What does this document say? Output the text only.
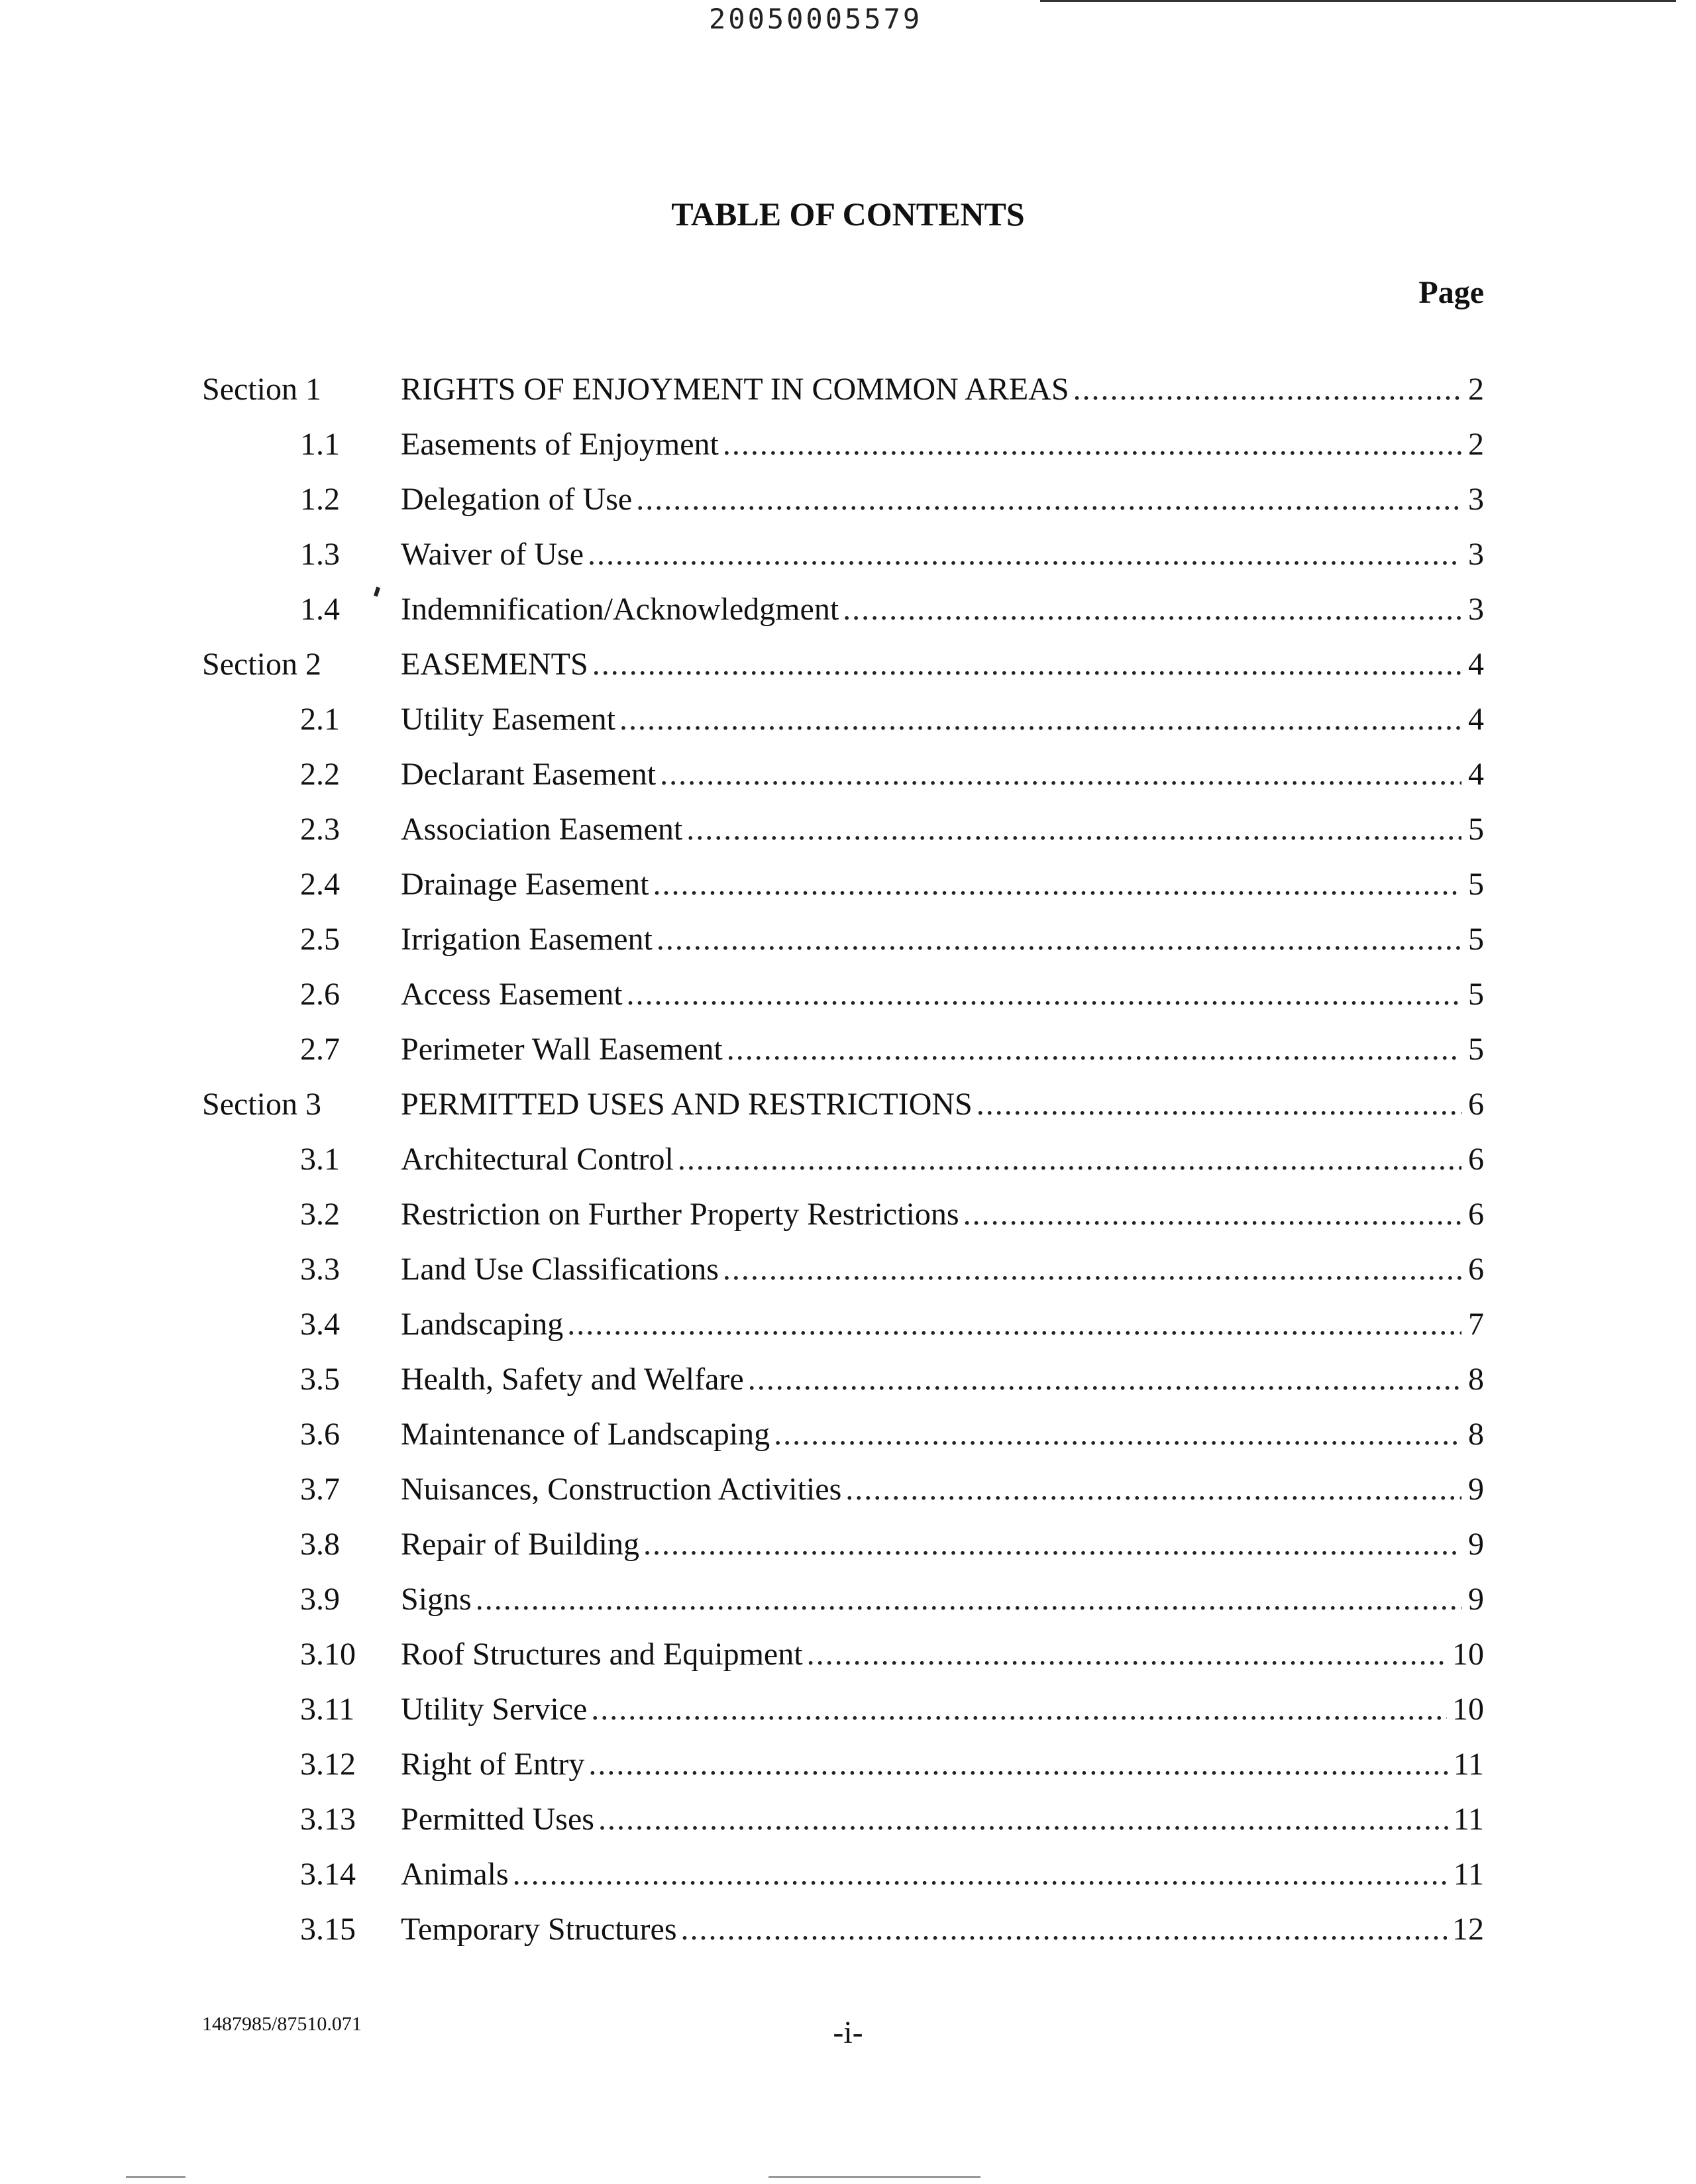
20050005579
TABLE OF CONTENTS
Page
Section 1	RIGHTS OF ENJOYMENT IN COMMON AREAS .....	2
1.1	Easements of Enjoyment .....	2
1.2	Delegation of Use .....	3
1.3	Waiver of Use .....	3
1.4	Indemnification/Acknowledgment .....	3
Section 2	EASEMENTS .....	4
2.1	Utility Easement .....	4
2.2	Declarant Easement .....	4
2.3	Association Easement .....	5
2.4	Drainage Easement .....	5
2.5	Irrigation Easement .....	5
2.6	Access Easement .....	5
2.7	Perimeter Wall Easement .....	5
Section 3	PERMITTED USES AND RESTRICTIONS .....	6
3.1	Architectural Control .....	6
3.2	Restriction on Further Property Restrictions .....	6
3.3	Land Use Classifications .....	6
3.4	Landscaping .....	7
3.5	Health, Safety and Welfare .....	8
3.6	Maintenance of Landscaping .....	8
3.7	Nuisances, Construction Activities .....	9
3.8	Repair of Building .....	9
3.9	Signs .....	9
3.10	Roof Structures and Equipment .....	10
3.11	Utility Service .....	10
3.12	Right of Entry .....	11
3.13	Permitted Uses .....	11
3.14	Animals .....	11
3.15	Temporary Structures .....	12
1487985/87510.071	-i-
